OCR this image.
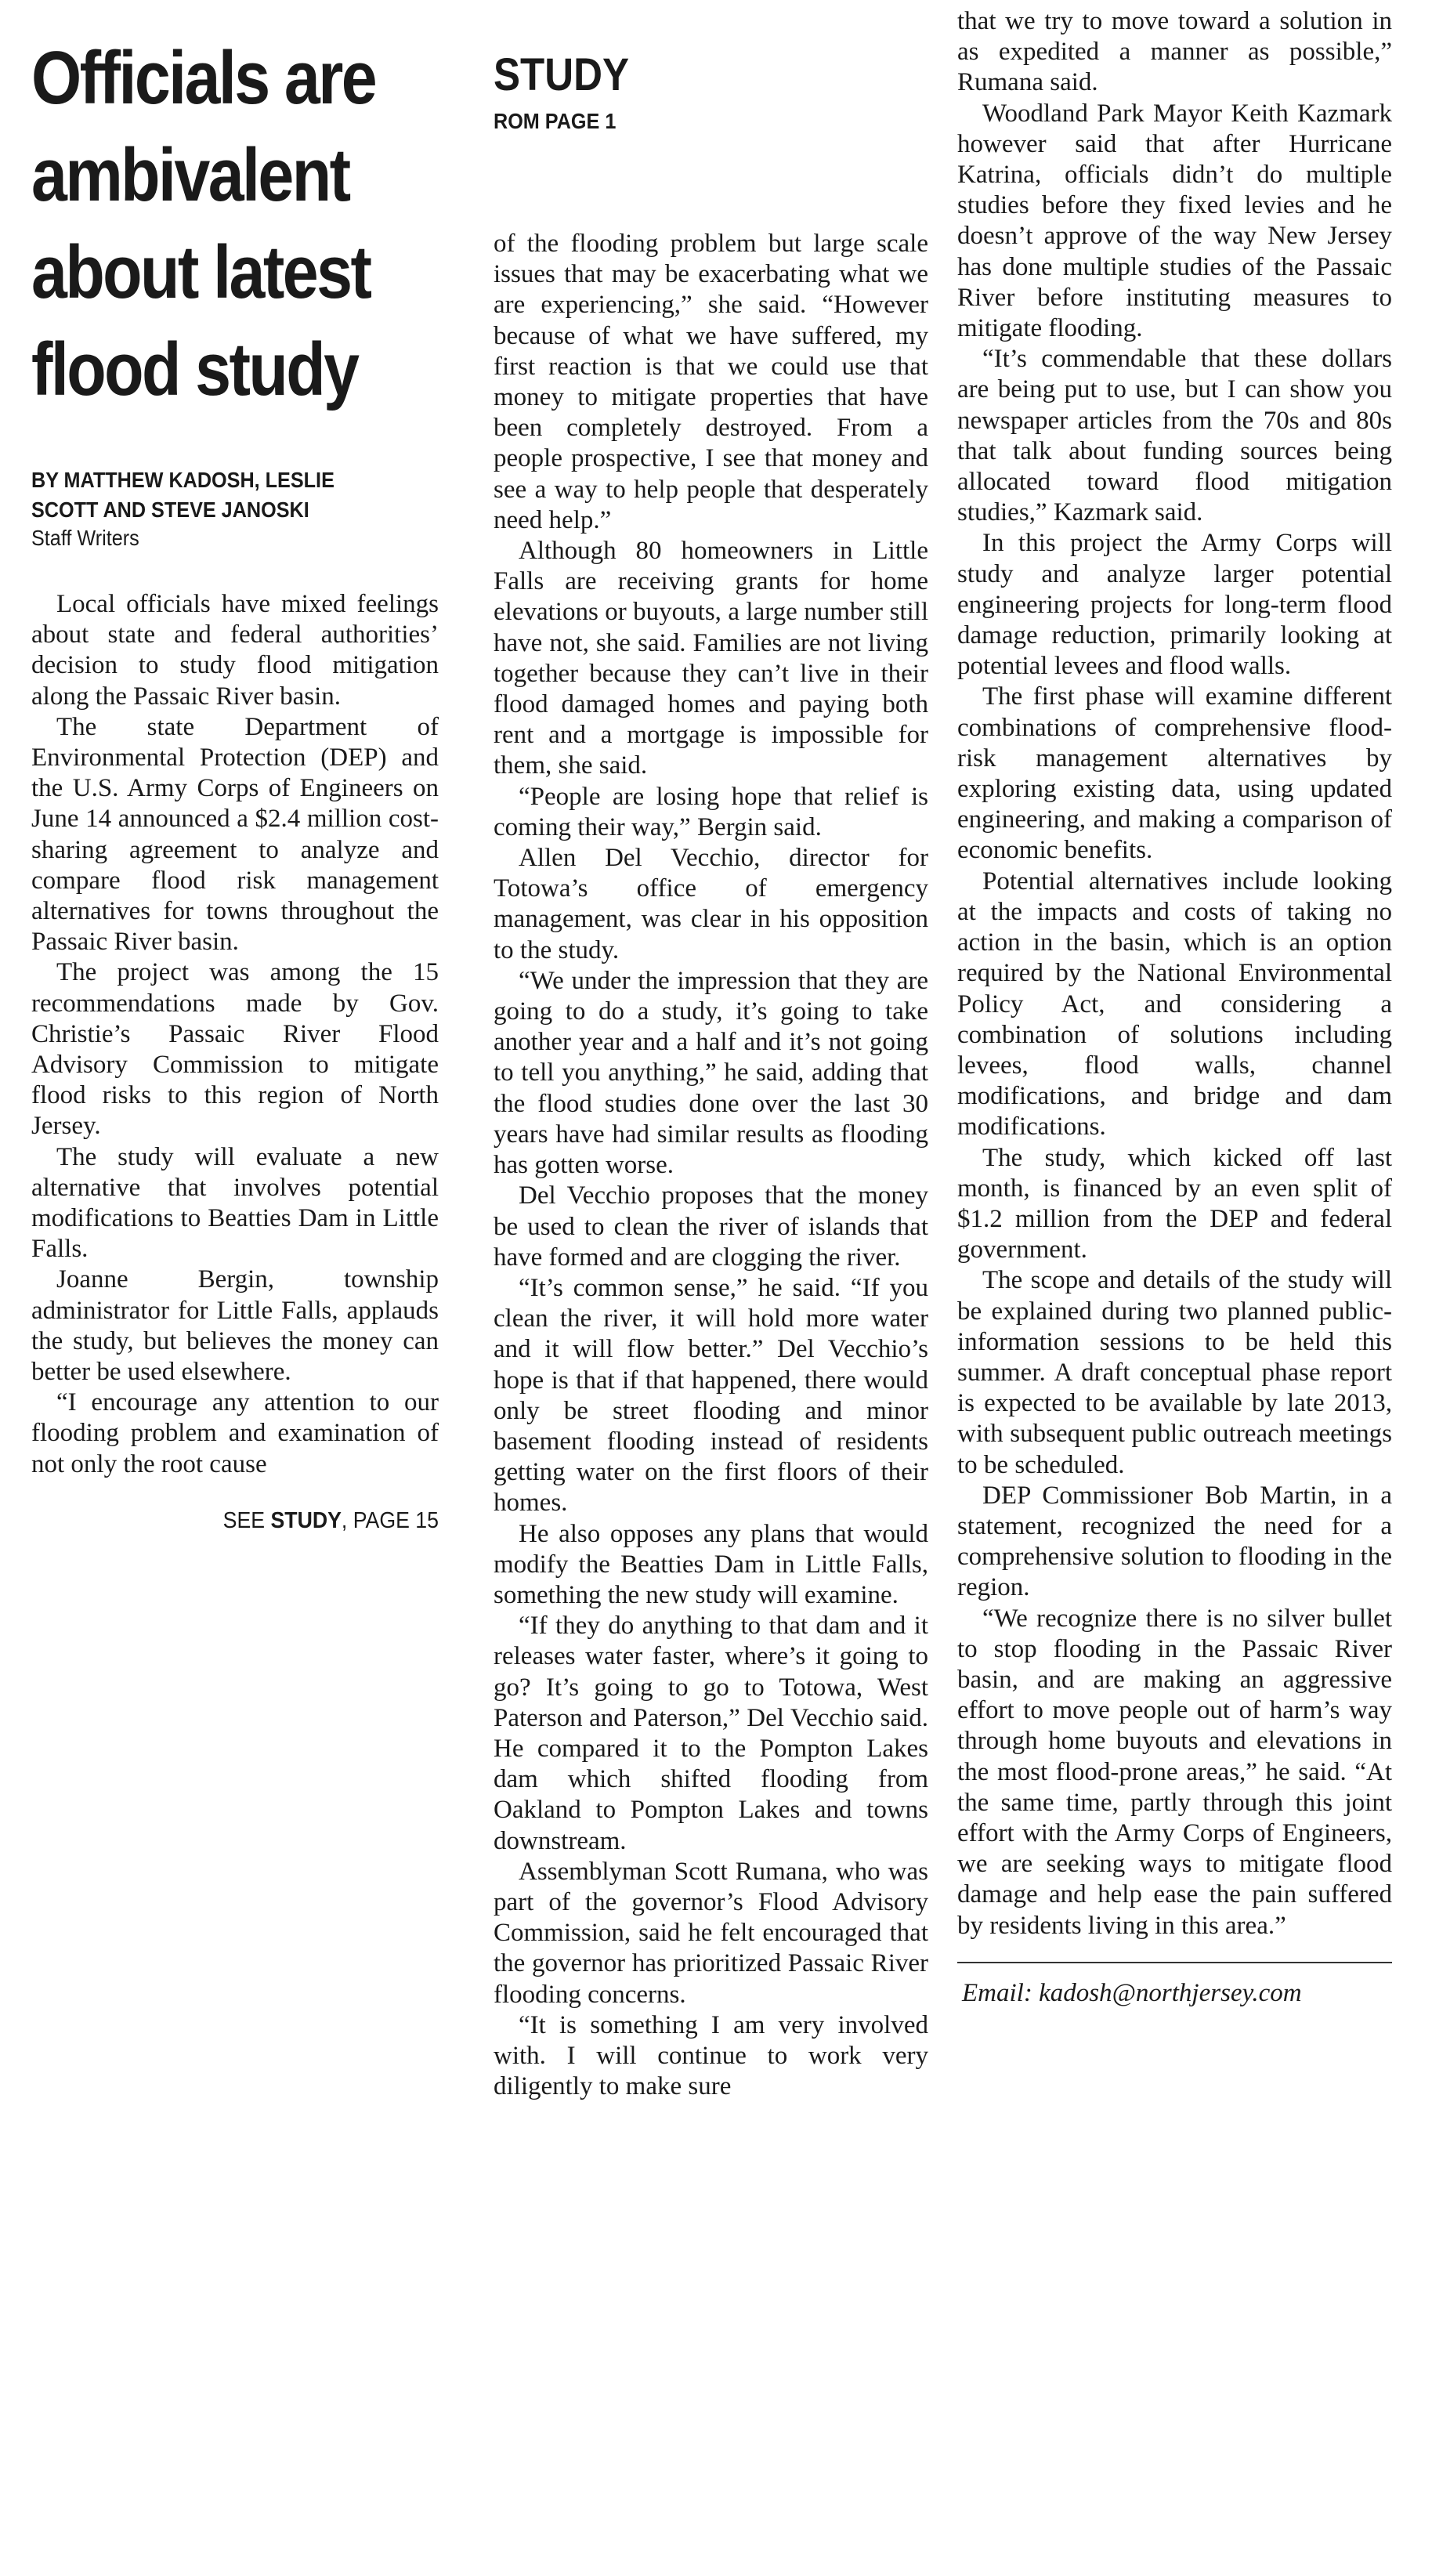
Officials are ambivalent about latest flood study
BY MATTHEW KADOSH, LESLIE
SCOTT AND STEVE JANOSKI
Staff Writers

Local officials have mixed feelings about state and federal authorities’ decision to study flood mitigation along the Passaic River basin.

The state Department of Environmental Protection (DEP) and the U.S. Army Corps of Engineers on June 14 announced a $2.4 million cost-sharing agreement to analyze and compare flood risk management alternatives for towns throughout the Passaic River basin.

The project was among the 15 recommendations made by Gov. Christie’s Passaic River Flood Advisory Commission to mitigate flood risks to this region of North Jersey.

The study will evaluate a new alternative that involves potential modifications to Beatties Dam in Little Falls.

Joanne Bergin, township administrator for Little Falls, applauds the study, but believes the money can better be used elsewhere.

“I encourage any attention to our flooding problem and examination of not only the root cause

SEE STUDY, PAGE 15
STUDY
ROM PAGE 1

of the flooding problem but large scale issues that may be exacerbating what we are experiencing,” she said. “However because of what we have suffered, my first reaction is that we could use that money to mitigate properties that have been completely destroyed. From a people prospective, I see that money and see a way to help people that desperately need help.”

Although 80 homeowners in Little Falls are receiving grants for home elevations or buyouts, a large number still have not, she said. Families are not living together because they can’t live in their flood damaged homes and paying both rent and a mortgage is impossible for them, she said.

“People are losing hope that relief is coming their way,” Bergin said.

Allen Del Vecchio, director for Totowa’s office of emergency management, was clear in his opposition to the study.

“We under the impression that they are going to do a study, it’s going to take another year and a half and it’s not going to tell you anything,” he said, adding that the flood studies done over the last 30 years have had similar results as flooding has gotten worse.

Del Vecchio proposes that the money be used to clean the river of islands that have formed and are clogging the river.

“It’s common sense,” he said. “If you clean the river, it will hold more water and it will flow better.” Del Vecchio’s hope is that if that happened, there would only be street flooding and minor basement flooding instead of residents getting water on the first floors of their homes.

He also opposes any plans that would modify the Beatties Dam in Little Falls, something the new study will examine.

“If they do anything to that dam and it releases water faster, where’s it going to go? It’s going to go to Totowa, West Paterson and Paterson,” Del Vecchio said. He compared it to the Pompton Lakes dam which shifted flooding from Oakland to Pompton Lakes and towns downstream.

Assemblyman Scott Rumana, who was part of the governor’s Flood Advisory Commission, said he felt encouraged that the governor has prioritized Passaic River flooding concerns.

“It is something I am very involved with. I will continue to work very diligently to make sure

that we try to move toward a solution in as expedited a manner as possible,” Rumana said.

Woodland Park Mayor Keith Kazmark however said that after Hurricane Katrina, officials didn’t do multiple studies before they fixed levies and he doesn’t approve of the way New Jersey has done multiple studies of the Passaic River before instituting measures to mitigate flooding.

“It’s commendable that these dollars are being put to use, but I can show you newspaper articles from the 70s and 80s that talk about funding sources being allocated toward flood mitigation studies,” Kazmark said.

In this project the Army Corps will study and analyze larger potential engineering projects for long-term flood damage reduction, primarily looking at potential levees and flood walls.

The first phase will examine different combinations of comprehensive flood-risk management alternatives by exploring existing data, using updated engineering, and making a comparison of economic benefits.

Potential alternatives include looking at the impacts and costs of taking no action in the basin, which is an option required by the National Environmental Policy Act, and considering a combination of solutions including levees, flood walls, channel modifications, and bridge and dam modifications.

The study, which kicked off last month, is financed by an even split of $1.2 million from the DEP and federal government.

The scope and details of the study will be explained during two planned public-information sessions to be held this summer. A draft conceptual phase report is expected to be available by late 2013, with subsequent public outreach meetings to be scheduled.

DEP Commissioner Bob Martin, in a statement, recognized the need for a comprehensive solution to flooding in the region.

“We recognize there is no silver bullet to stop flooding in the Passaic River basin, and are making an aggressive effort to move people out of harm’s way through home buyouts and elevations in the most flood-prone areas,” he said. “At the same time, partly through this joint effort with the Army Corps of Engineers, we are seeking ways to mitigate flood damage and help ease the pain suffered by residents living in this area.”

Email: kadosh@northjersey.com
